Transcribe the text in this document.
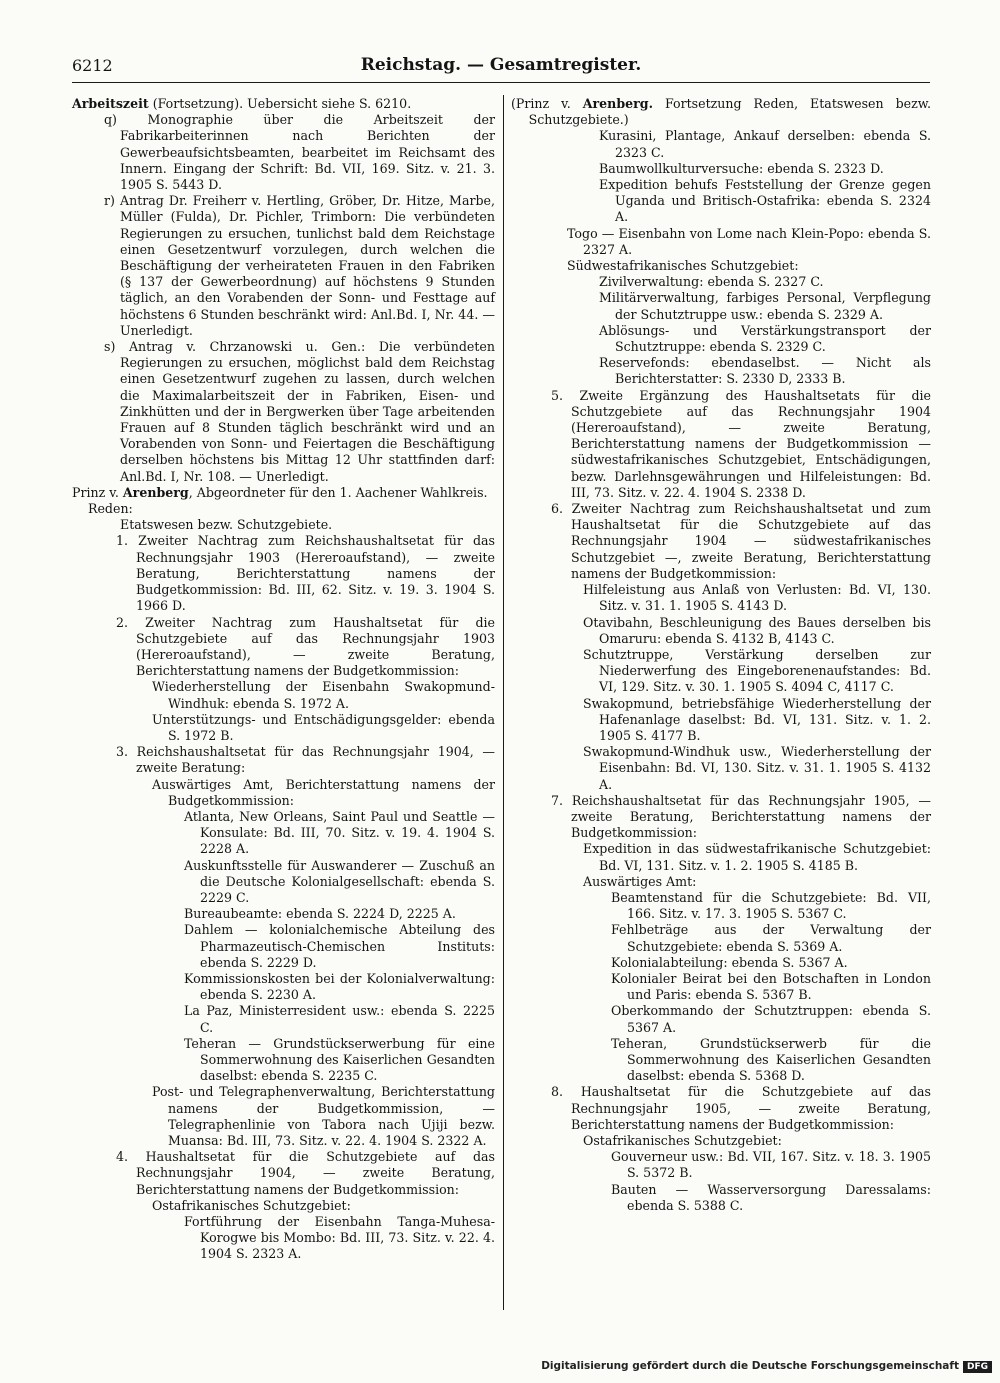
6212	Reichstag. — Gesamtregister.

Arbeitszeit (Fortsetzung). Uebersicht siehe S. 6210.

q) Monographie über die Arbeitszeit der Fabrikarbeiterinnen nach Berichten der Gewerbeaufsichtsbeamten, bearbeitet im Reichsamt des Innern. Eingang der Schrift: Bd. VII, 169. Sitz. v. 21. 3. 1905 S. 5443 D.

r) Antrag Dr. Freiherr v. Hertling, Gröber, Dr. Hitze, Marbe, Müller (Fulda), Dr. Pichler, Trimborn: Die verbündeten Regierungen zu ersuchen, tunlichst bald dem Reichstage einen Gesetzentwurf vorzulegen, durch welchen die Beschäftigung der verheirateten Frauen in den Fabriken (§ 137 der Gewerbeordnung) auf höchstens 9 Stunden täglich, an den Vorabenden der Sonn- und Festtage auf höchstens 6 Stunden beschränkt wird: Anl.Bd. I, Nr. 44. — Unerledigt.

s) Antrag v. Chrzanowski u. Gen.: Die verbündeten Regierungen zu ersuchen, möglichst bald dem Reichstag einen Gesetzentwurf zugehen zu lassen, durch welchen die Maximalarbeitszeit der in Fabriken, Eisen- und Zinkhütten und der in Bergwerken über Tage arbeitenden Frauen auf 8 Stunden täglich beschränkt wird und an Vorabenden von Sonn- und Feiertagen die Beschäftigung derselben höchstens bis Mittag 12 Uhr stattfinden darf: Anl.Bd. I, Nr. 108. — Unerledigt.

Prinz v. Arenberg, Abgeordneter für den 1. Aachener Wahlkreis.

Reden:

Etatswesen bezw. Schutzgebiete.

1. Zweiter Nachtrag zum Reichshaushaltsetat für das Rechnungsjahr 1903 (Hereroaufstand), — zweite Beratung, Berichterstattung namens der Budgetkommission: Bd. III, 62. Sitz. v. 19. 3. 1904 S. 1966 D.

2. Zweiter Nachtrag zum Haushaltsetat für die Schutzgebiete auf das Rechnungsjahr 1903 (Hereroaufstand), — zweite Beratung, Berichterstattung namens der Budgetkommission:

Wiederherstellung der Eisenbahn Swakopmund-Windhuk: ebenda S. 1972 A.

Unterstützungs- und Entschädigungsgelder: ebenda S. 1972 B.

3. Reichshaushaltsetat für das Rechnungsjahr 1904, — zweite Beratung:

Auswärtiges Amt, Berichterstattung namens der Budgetkommission:

Atlanta, New Orleans, Saint Paul und Seattle — Konsulate: Bd. III, 70. Sitz. v. 19. 4. 1904 S. 2228 A.

Auskunftsstelle für Auswanderer — Zuschuß an die Deutsche Kolonialgesellschaft: ebenda S. 2229 C.

Bureaubeamte: ebenda S. 2224 D, 2225 A.

Dahlem — kolonialchemische Abteilung des Pharmazeutisch-Chemischen Instituts: ebenda S. 2229 D.

Kommissionskosten bei der Kolonialverwaltung: ebenda S. 2230 A.

La Paz, Ministerresident usw.: ebenda S. 2225 C.

Teheran — Grundstückserwerbung für eine Sommerwohnung des Kaiserlichen Gesandten daselbst: ebenda S. 2235 C.

Post- und Telegraphenverwaltung, Berichterstattung namens der Budgetkommission, — Telegraphenlinie von Tabora nach Ujiji bezw. Muansa: Bd. III, 73. Sitz. v. 22. 4. 1904 S. 2322 A.

4. Haushaltsetat für die Schutzgebiete auf das Rechnungsjahr 1904, — zweite Beratung, Berichterstattung namens der Budgetkommission:

Ostafrikanisches Schutzgebiet:

Fortführung der Eisenbahn Tanga-Muhesa-Korogwe bis Mombo: Bd. III, 73. Sitz. v. 22. 4. 1904 S. 2323 A.

(Prinz v. Arenberg. Fortsetzung Reden, Etatswesen bezw. Schutzgebiete.)

Kurasini, Plantage, Ankauf derselben: ebenda S. 2323 C.

Baumwollkulturversuche: ebenda S. 2323 D.

Expedition behufs Feststellung der Grenze gegen Uganda und Britisch-Ostafrika: ebenda S. 2324 A.

Togo — Eisenbahn von Lome nach Klein-Popo: ebenda S. 2327 A.

Südwestafrikanisches Schutzgebiet:

Zivilverwaltung: ebenda S. 2327 C.

Militärverwaltung, farbiges Personal, Verpflegung der Schutztruppe usw.: ebenda S. 2329 A.

Ablösungs- und Verstärkungstransport der Schutztruppe: ebenda S. 2329 C.

Reservefonds: ebendaselbst. — Nicht als Berichterstatter: S. 2330 D, 2333 B.

5. Zweite Ergänzung des Haushaltsetats für die Schutzgebiete auf das Rechnungsjahr 1904 (Hereroaufstand), — zweite Beratung, Berichterstattung namens der Budgetkommission — südwestafrikanisches Schutzgebiet, Entschädigungen, bezw. Darlehnsgewährungen und Hilfeleistungen: Bd. III, 73. Sitz. v. 22. 4. 1904 S. 2338 D.

6. Zweiter Nachtrag zum Reichshaushaltsetat und zum Haushaltsetat für die Schutzgebiete auf das Rechnungsjahr 1904 — südwestafrikanisches Schutzgebiet —, zweite Beratung, Berichterstattung namens der Budgetkommission:

Hilfeleistung aus Anlaß von Verlusten: Bd. VI, 130. Sitz. v. 31. 1. 1905 S. 4143 D.

Otavibahn, Beschleunigung des Baues derselben bis Omaruru: ebenda S. 4132 B, 4143 C.

Schutztruppe, Verstärkung derselben zur Niederwerfung des Eingeborenenaufstandes: Bd. VI, 129. Sitz. v. 30. 1. 1905 S. 4094 C, 4117 C.

Swakopmund, betriebsfähige Wiederherstellung der Hafenanlage daselbst: Bd. VI, 131. Sitz. v. 1. 2. 1905 S. 4177 B.

Swakopmund-Windhuk usw., Wiederherstellung der Eisenbahn: Bd. VI, 130. Sitz. v. 31. 1. 1905 S. 4132 A.

7. Reichshaushaltsetat für das Rechnungsjahr 1905, — zweite Beratung, Berichterstattung namens der Budgetkommission:

Expedition in das südwestafrikanische Schutzgebiet: Bd. VI, 131. Sitz. v. 1. 2. 1905 S. 4185 B.

Auswärtiges Amt:

Beamtenstand für die Schutzgebiete: Bd. VII, 166. Sitz. v. 17. 3. 1905 S. 5367 C.

Fehlbeträge aus der Verwaltung der Schutzgebiete: ebenda S. 5369 A.

Kolonialabteilung: ebenda S. 5367 A.

Kolonialer Beirat bei den Botschaften in London und Paris: ebenda S. 5367 B.

Oberkommando der Schutztruppen: ebenda S. 5367 A.

Teheran, Grundstückserwerb für die Sommerwohnung des Kaiserlichen Gesandten daselbst: ebenda S. 5368 D.

8. Haushaltsetat für die Schutzgebiete auf das Rechnungsjahr 1905, — zweite Beratung, Berichterstattung namens der Budgetkommission:

Ostafrikanisches Schutzgebiet:

Gouverneur usw.: Bd. VII, 167. Sitz. v. 18. 3. 1905 S. 5372 B.

Bauten — Wasserversorgung Daressalams: ebenda S. 5388 C.

Digitalisierung gefördert durch die Deutsche Forschungsgemeinschaft DFG
